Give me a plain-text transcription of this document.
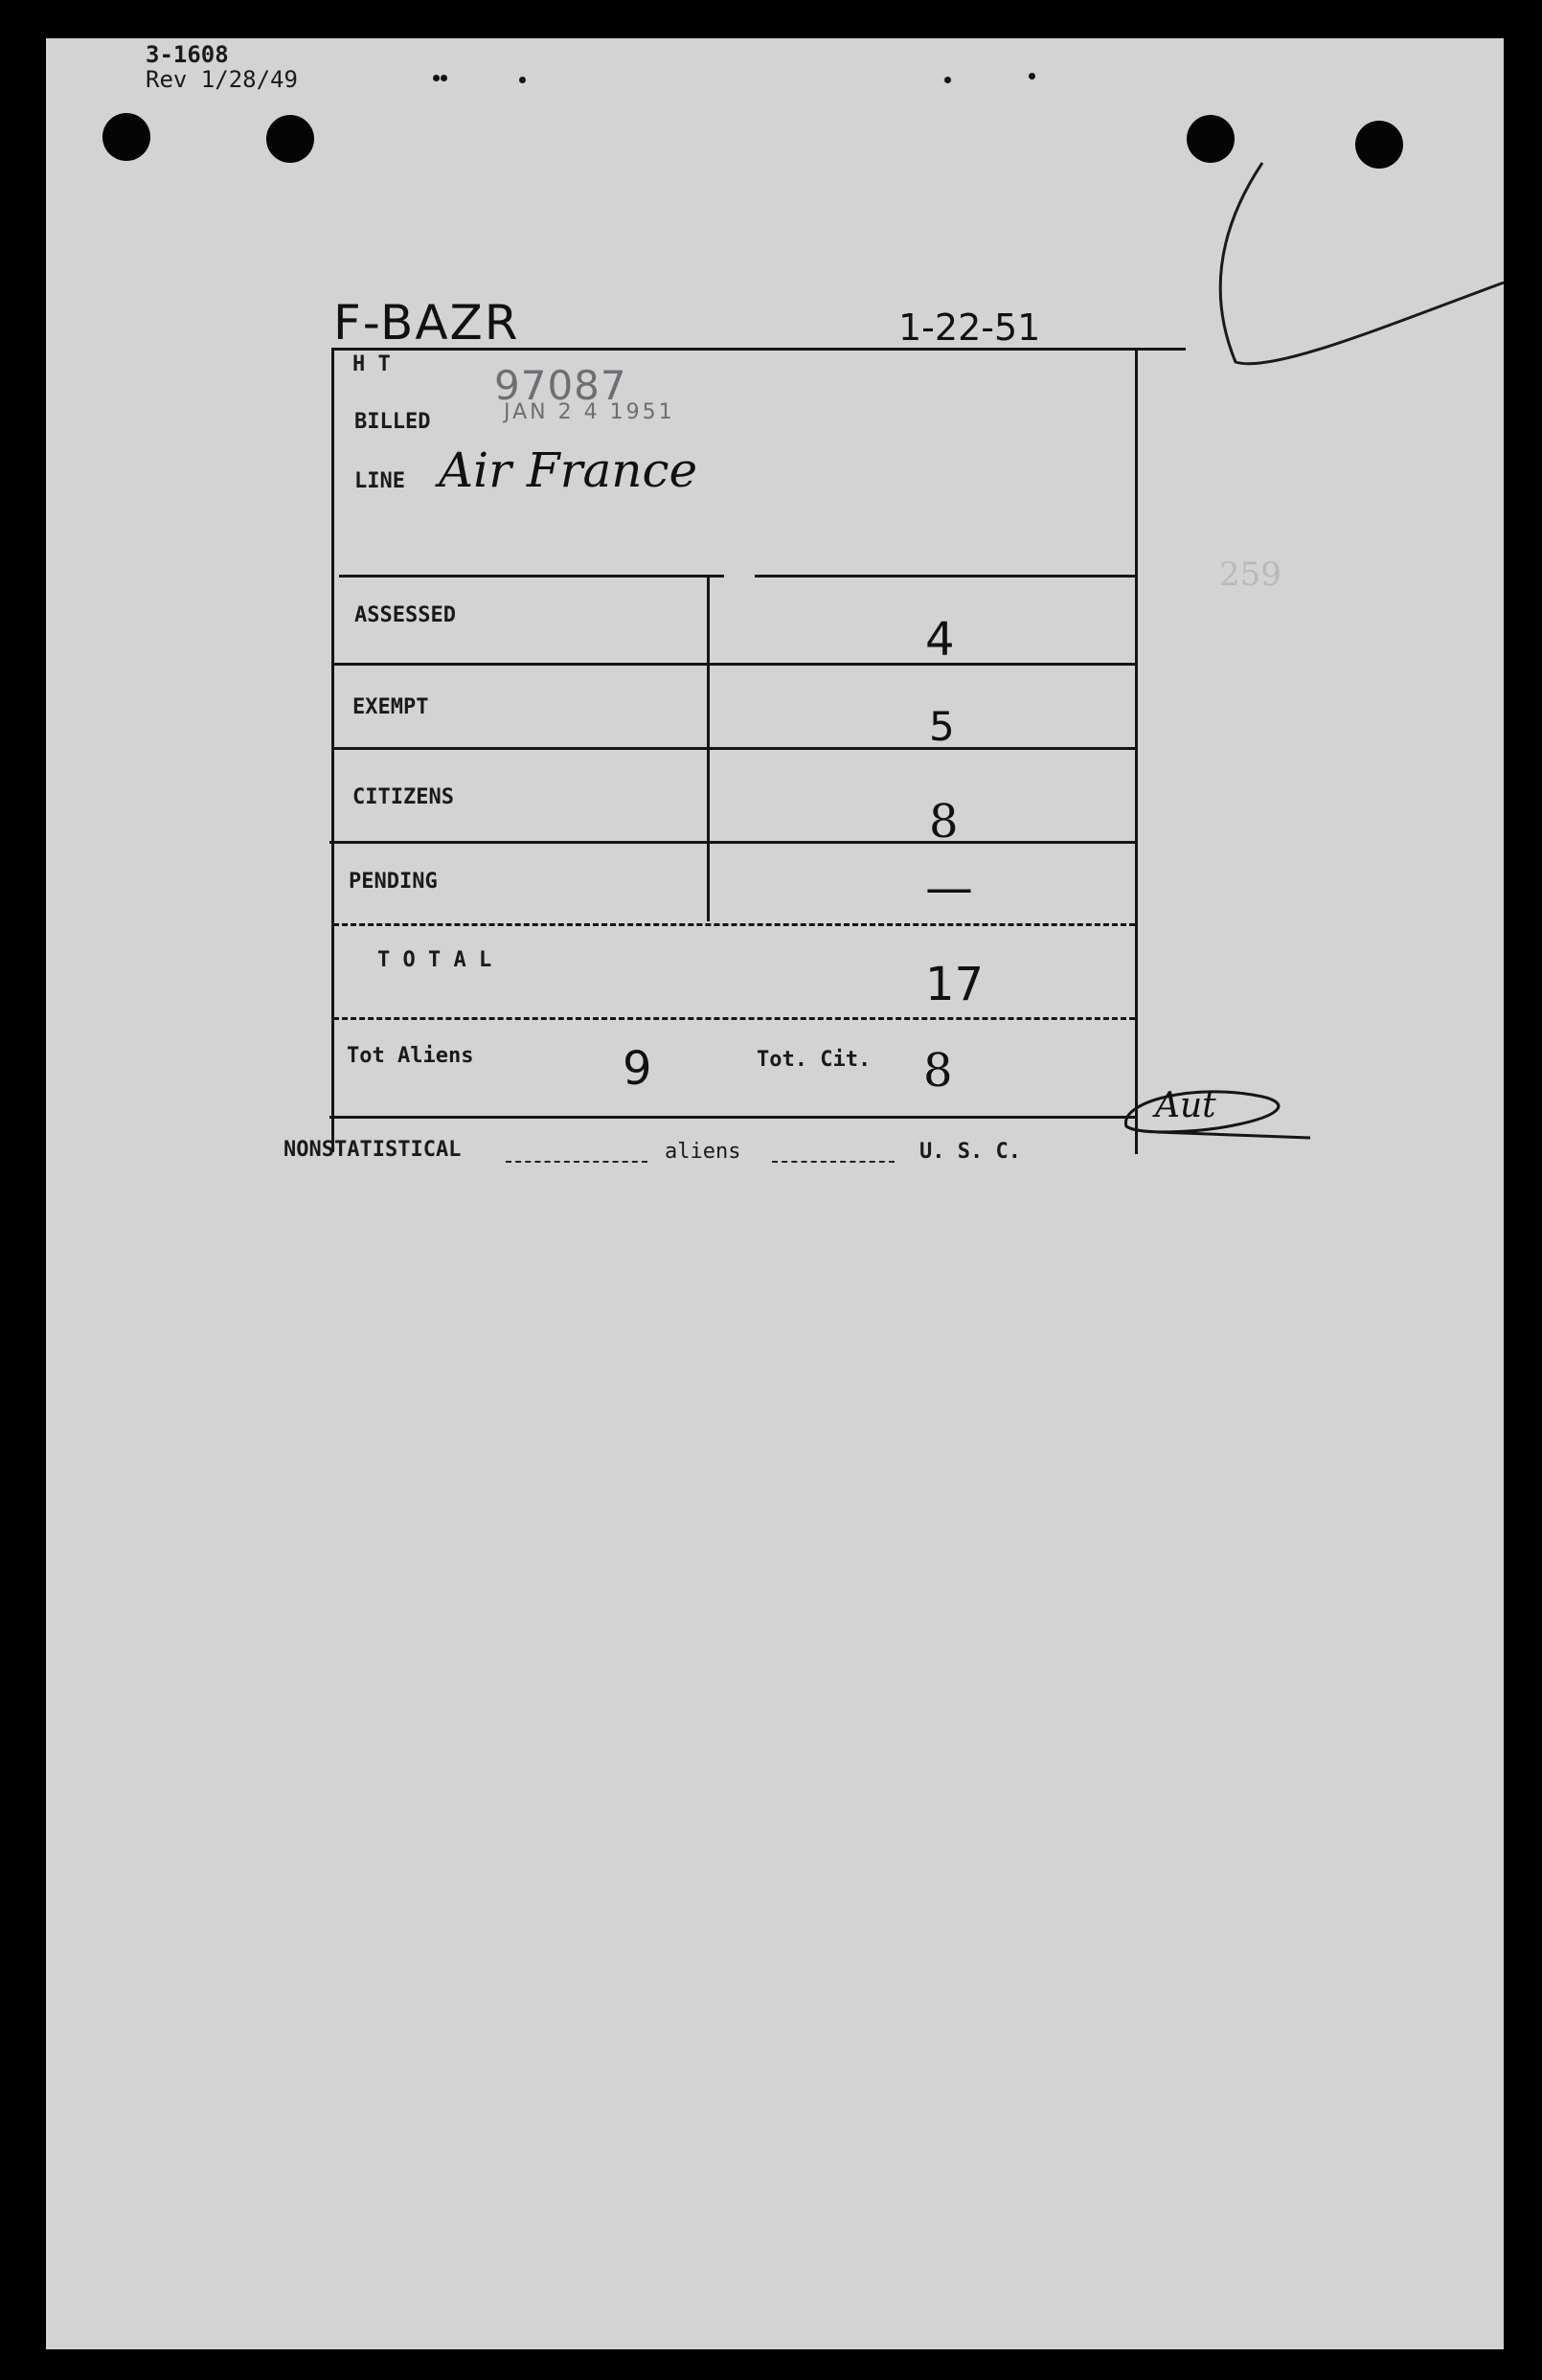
3-1608
Rev 1/28/49
F-BAZR	1-22-51
H T
BILLED
LINE
97087
JAN 2 4 1951
Air France
259
ASSESSED	4
EXEMPT	5
CITIZENS	8
PENDING	—
T O T A L	17
Tot Aliens	9	Tot. Cit. 8
Aut
NONSTATISTICAL	aliens	U. S. C.
